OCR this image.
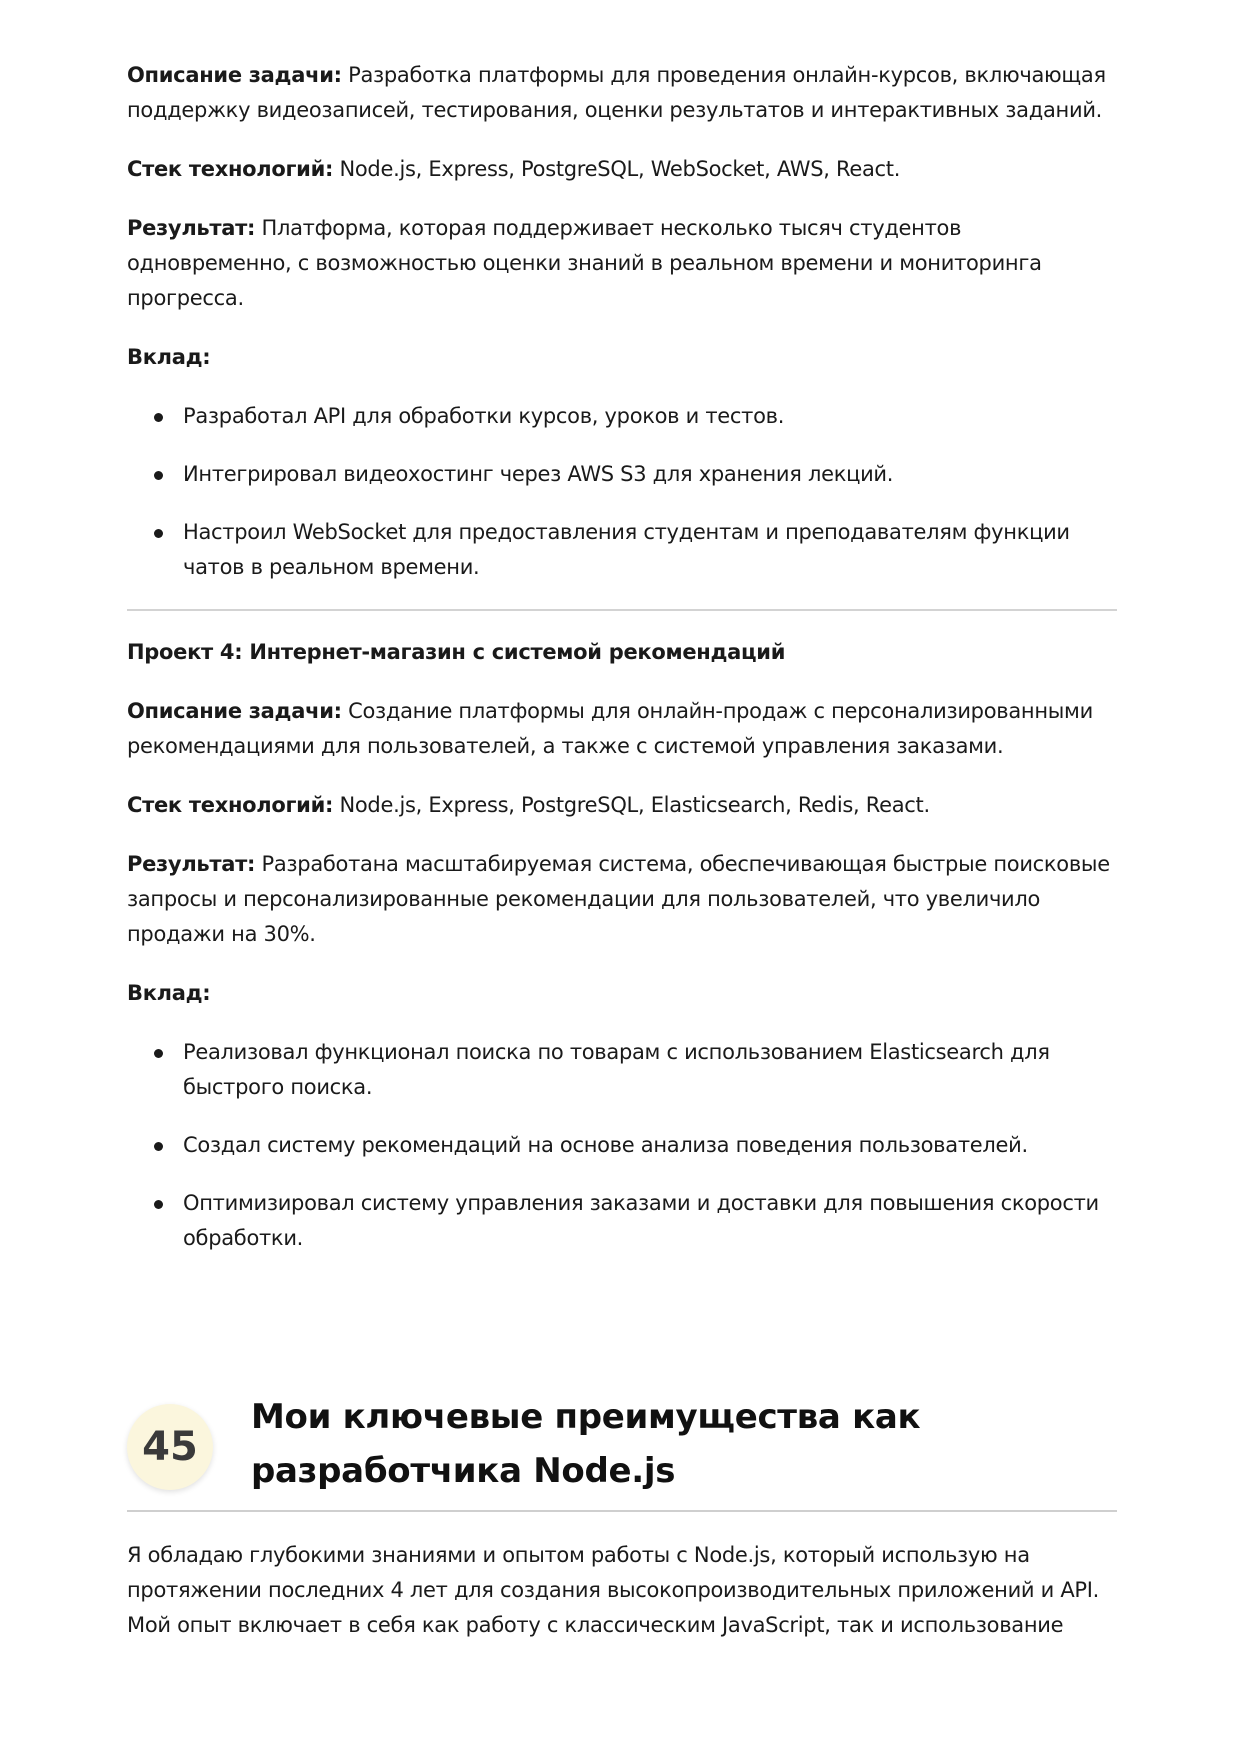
Описание задачи: Разработка платформы для проведения онлайн-курсов, включающая поддержку видеозаписей, тестирования, оценки результатов и интерактивных заданий.

Стек технологий: Node.js, Express, PostgreSQL, WebSocket, AWS, React.

Результат: Платформа, которая поддерживает несколько тысяч студентов одновременно, с возможностью оценки знаний в реальном времени и мониторинга прогресса.

Вклад:

Разработал API для обработки курсов, уроков и тестов.
Интегрировал видеохостинг через AWS S3 для хранения лекций.
Настроил WebSocket для предоставления студентам и преподавателям функции чатов в реальном времени.
Проект 4: Интернет-магазин с системой рекомендаций

Описание задачи: Создание платформы для онлайн-продаж с персонализированными рекомендациями для пользователей, а также с системой управления заказами.

Стек технологий: Node.js, Express, PostgreSQL, Elasticsearch, Redis, React.

Результат: Разработана масштабируемая система, обеспечивающая быстрые поисковые запросы и персонализированные рекомендации для пользователей, что увеличило продажи на 30%.

Вклад:

Реализовал функционал поиска по товарам с использованием Elasticsearch для быстрого поиска.
Создал систему рекомендаций на основе анализа поведения пользователей.
Оптимизировал систему управления заказами и доставки для повышения скорости обработки.
45
Мои ключевые преимущества как разработчика Node.js

Я обладаю глубокими знаниями и опытом работы с Node.js, который использую на протяжении последних 4 лет для создания высокопроизводительных приложений и API. Мой опыт включает в себя как работу с классическим JavaScript, так и использование
